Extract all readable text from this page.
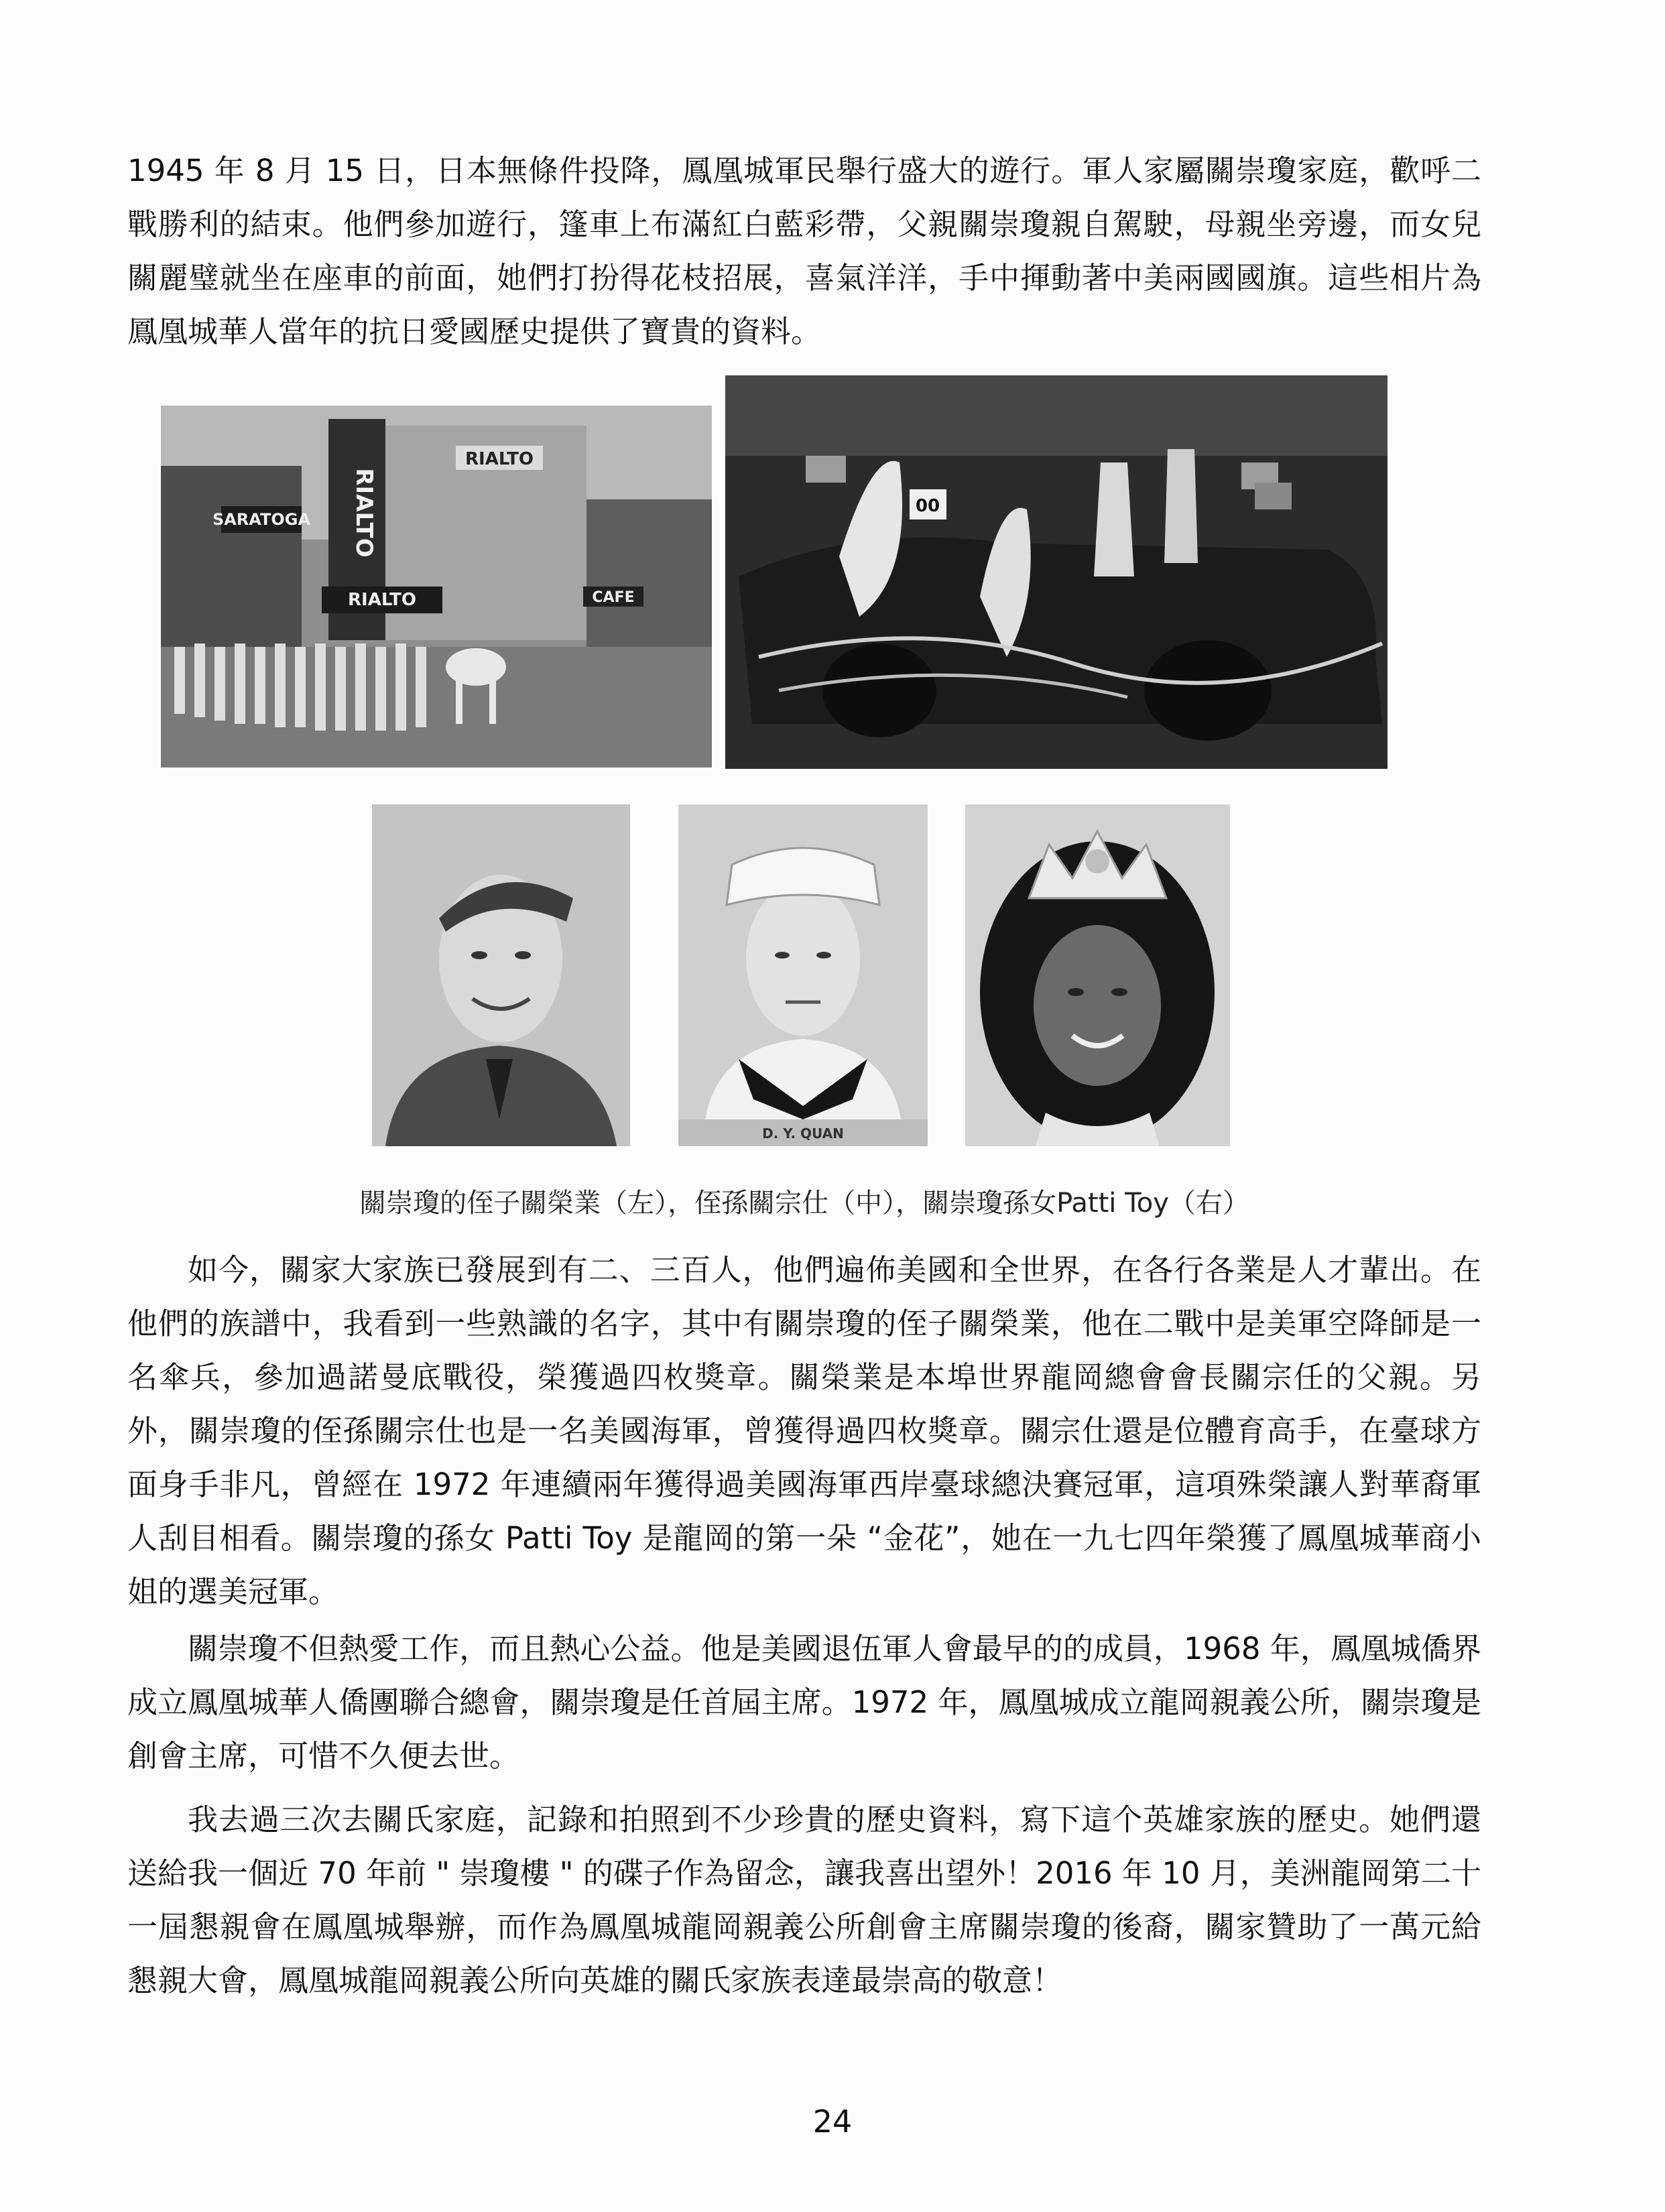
1945 年 8 月 15 日，日本無條件投降，鳳凰城軍民舉行盛大的遊行。軍人家屬關崇瓊家庭，歡呼二戰勝利的結束。他們參加遊行，篷車上布滿紅白藍彩帶，父親關崇瓊親自駕駛，母親坐旁邊，而女兒關麗璧就坐在座車的前面，她們打扮得花枝招展，喜氣洋洋，手中揮動著中美兩國國旗。這些相片為鳳凰城華人當年的抗日愛國歷史提供了寶貴的資料。

SARATOGA RIALTO
RIALTO
RIALTO	CAFE
00
D. Y. QUAN
關崇瓊的侄子關榮業（左），侄孫關宗仕（中），關崇瓊孫女Patti Toy（右）

如今，關家大家族已發展到有二、三百人，他們遍佈美國和全世界，在各行各業是人才輩出。在他們的族譜中，我看到一些熟識的名字，其中有關崇瓊的侄子關榮業，他在二戰中是美軍空降師是一名傘兵，參加過諾曼底戰役，榮獲過四枚獎章。關榮業是本埠世界龍岡總會會長關宗任的父親。另外，關崇瓊的侄孫關宗仕也是一名美國海軍，曾獲得過四枚獎章。關宗仕還是位體育高手，在臺球方面身手非凡，曾經在 1972 年連續兩年獲得過美國海軍西岸臺球總決賽冠軍，這項殊榮讓人對華裔軍人刮目相看。關崇瓊的孫女 Patti Toy 是龍岡的第一朵 “金花”，她在一九七四年榮獲了鳳凰城華商小姐的選美冠軍。

關崇瓊不但熱愛工作，而且熱心公益。他是美國退伍軍人會最早的的成員，1968 年，鳳凰城僑界成立鳳凰城華人僑團聯合總會，關崇瓊是任首屆主席。1972 年，鳳凰城成立龍岡親義公所，關崇瓊是創會主席，可惜不久便去世。

我去過三次去關氏家庭，記錄和拍照到不少珍貴的歷史資料，寫下這个英雄家族的歷史。她們還送給我一個近 70 年前 " 崇瓊樓 " 的碟子作為留念，讓我喜出望外！2016 年 10 月，美洲龍岡第二十一屆懇親會在鳳凰城舉辦，而作為鳳凰城龍岡親義公所創會主席關崇瓊的後裔，關家贊助了一萬元給懇親大會，鳳凰城龍岡親義公所向英雄的關氏家族表達最崇高的敬意！

24
